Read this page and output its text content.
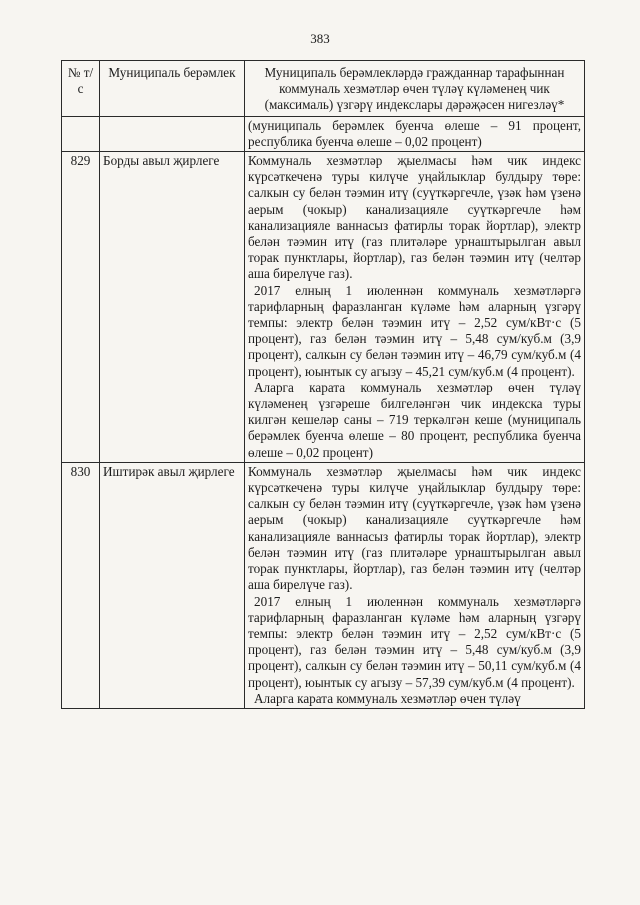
383
№ т/с	Муниципаль берәмлек	Муниципаль берәмлекләрдә гражданнар тарафыннан коммуналь хезмәтләр өчен түләү күләменең чик (максималь) үзгәрү индекслары дәрәҗәсен нигезләү*

		(муниципаль берәмлек буенча өлеше – 91 процент, республика буенча өлеше – 0,02 процент)

829	Борды авыл җирлеге	Коммуналь хезмәтләр җыелмасы һәм чик индекс күрсәткеченә туры килүче уңайлыклар булдыру төре: салкын су белән тәэмин итү (суүткәргечле, үзәк һәм үзенә аерым (чокыр) канализацияле суүткәргечле һәм канализацияле ваннасыз фатирлы торак йортлар), электр белән тәэмин итү (газ плитәләре урнаштырылган авыл торак пунктлары, йортлар), газ белән тәэмин итү (челтәр аша бирелүче газ).

2017 елның 1 июленнән коммуналь хезмәтләргә тарифларның фаразланган күләме һәм аларның үзгәрү темпы: электр белән тәэмин итү – 2,52 сум/кВт·с (5 процент), газ белән тәэмин итү – 5,48 сум/куб.м (3,9 процент), салкын су белән тәэмин итү – 46,79 сум/куб.м (4 процент), юынтык су агызу – 45,21 сум/куб.м (4 процент).

Аларга карата коммуналь хезмәтләр өчен түләү күләменең үзгәреше билгеләнгән чик индекска туры килгән кешеләр саны – 719 теркәлгән кеше (муниципаль берәмлек буенча өлеше – 80 процент, республика буенча өлеше – 0,02 процент)

830	Иштирәк авыл җирлеге	Коммуналь хезмәтләр җыелмасы һәм чик индекс күрсәткеченә туры килүче уңайлыклар булдыру төре: салкын су белән тәэмин итү (суүткәргечле, үзәк һәм үзенә аерым (чокыр) канализацияле суүткәргечле һәм канализацияле ваннасыз фатирлы торак йортлар), электр белән тәэмин итү (газ плитәләре урнаштырылган авыл торак пунктлары, йортлар), газ белән тәэмин итү (челтәр аша бирелүче газ).

2017 елның 1 июленнән коммуналь хезмәтләргә тарифларның фаразланган күләме һәм аларның үзгәрү темпы: электр белән тәэмин итү – 2,52 сум/кВт·с (5 процент), газ белән тәэмин итү – 5,48 сум/куб.м (3,9 процент), салкын су белән тәэмин итү – 50,11 сум/куб.м (4 процент), юынтык су агызу – 57,39 сум/куб.м (4 процент).

Аларга карата коммуналь хезмәтләр өчен түләү
